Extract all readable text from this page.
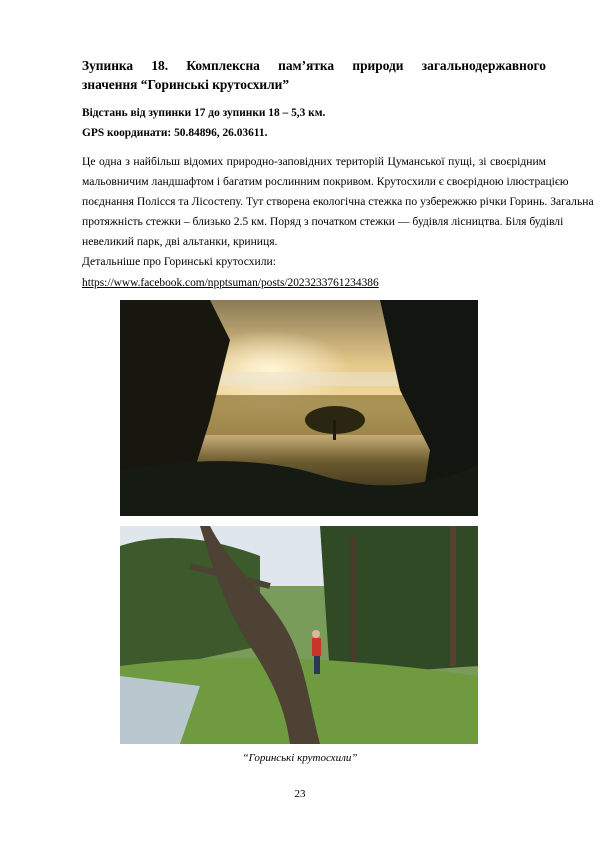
Зупинка 18. Комплексна пам’ятка природи загальнодержавного
значення “Горинські крутосхили”
Відстань від зупинки 17 до зупинки 18 – 5,3 км.
GPS координати: 50.84896, 26.03611.
Це одна з найбільш відомих природно-заповідних територій Цуманської пущі, зі своєрідним
мальовничим ландшафтом і багатим рослинним покривом. Крутосхили є своєрідною ілюстрацією
поєднання Полісся та Лісостепу. Тут створена екологічна стежка по узбережжю річки Горинь. Загальна
протяжність стежки – близько 2.5 км. Поряд з початком стежки — будівля лісництва. Біля будівлі
невеликий парк, дві альтанки, криниця.
Детальніше про Горинські крутосхили:
https://www.facebook.com/npptsuman/posts/2023233761234386
“Горинські крутосхили”
23
